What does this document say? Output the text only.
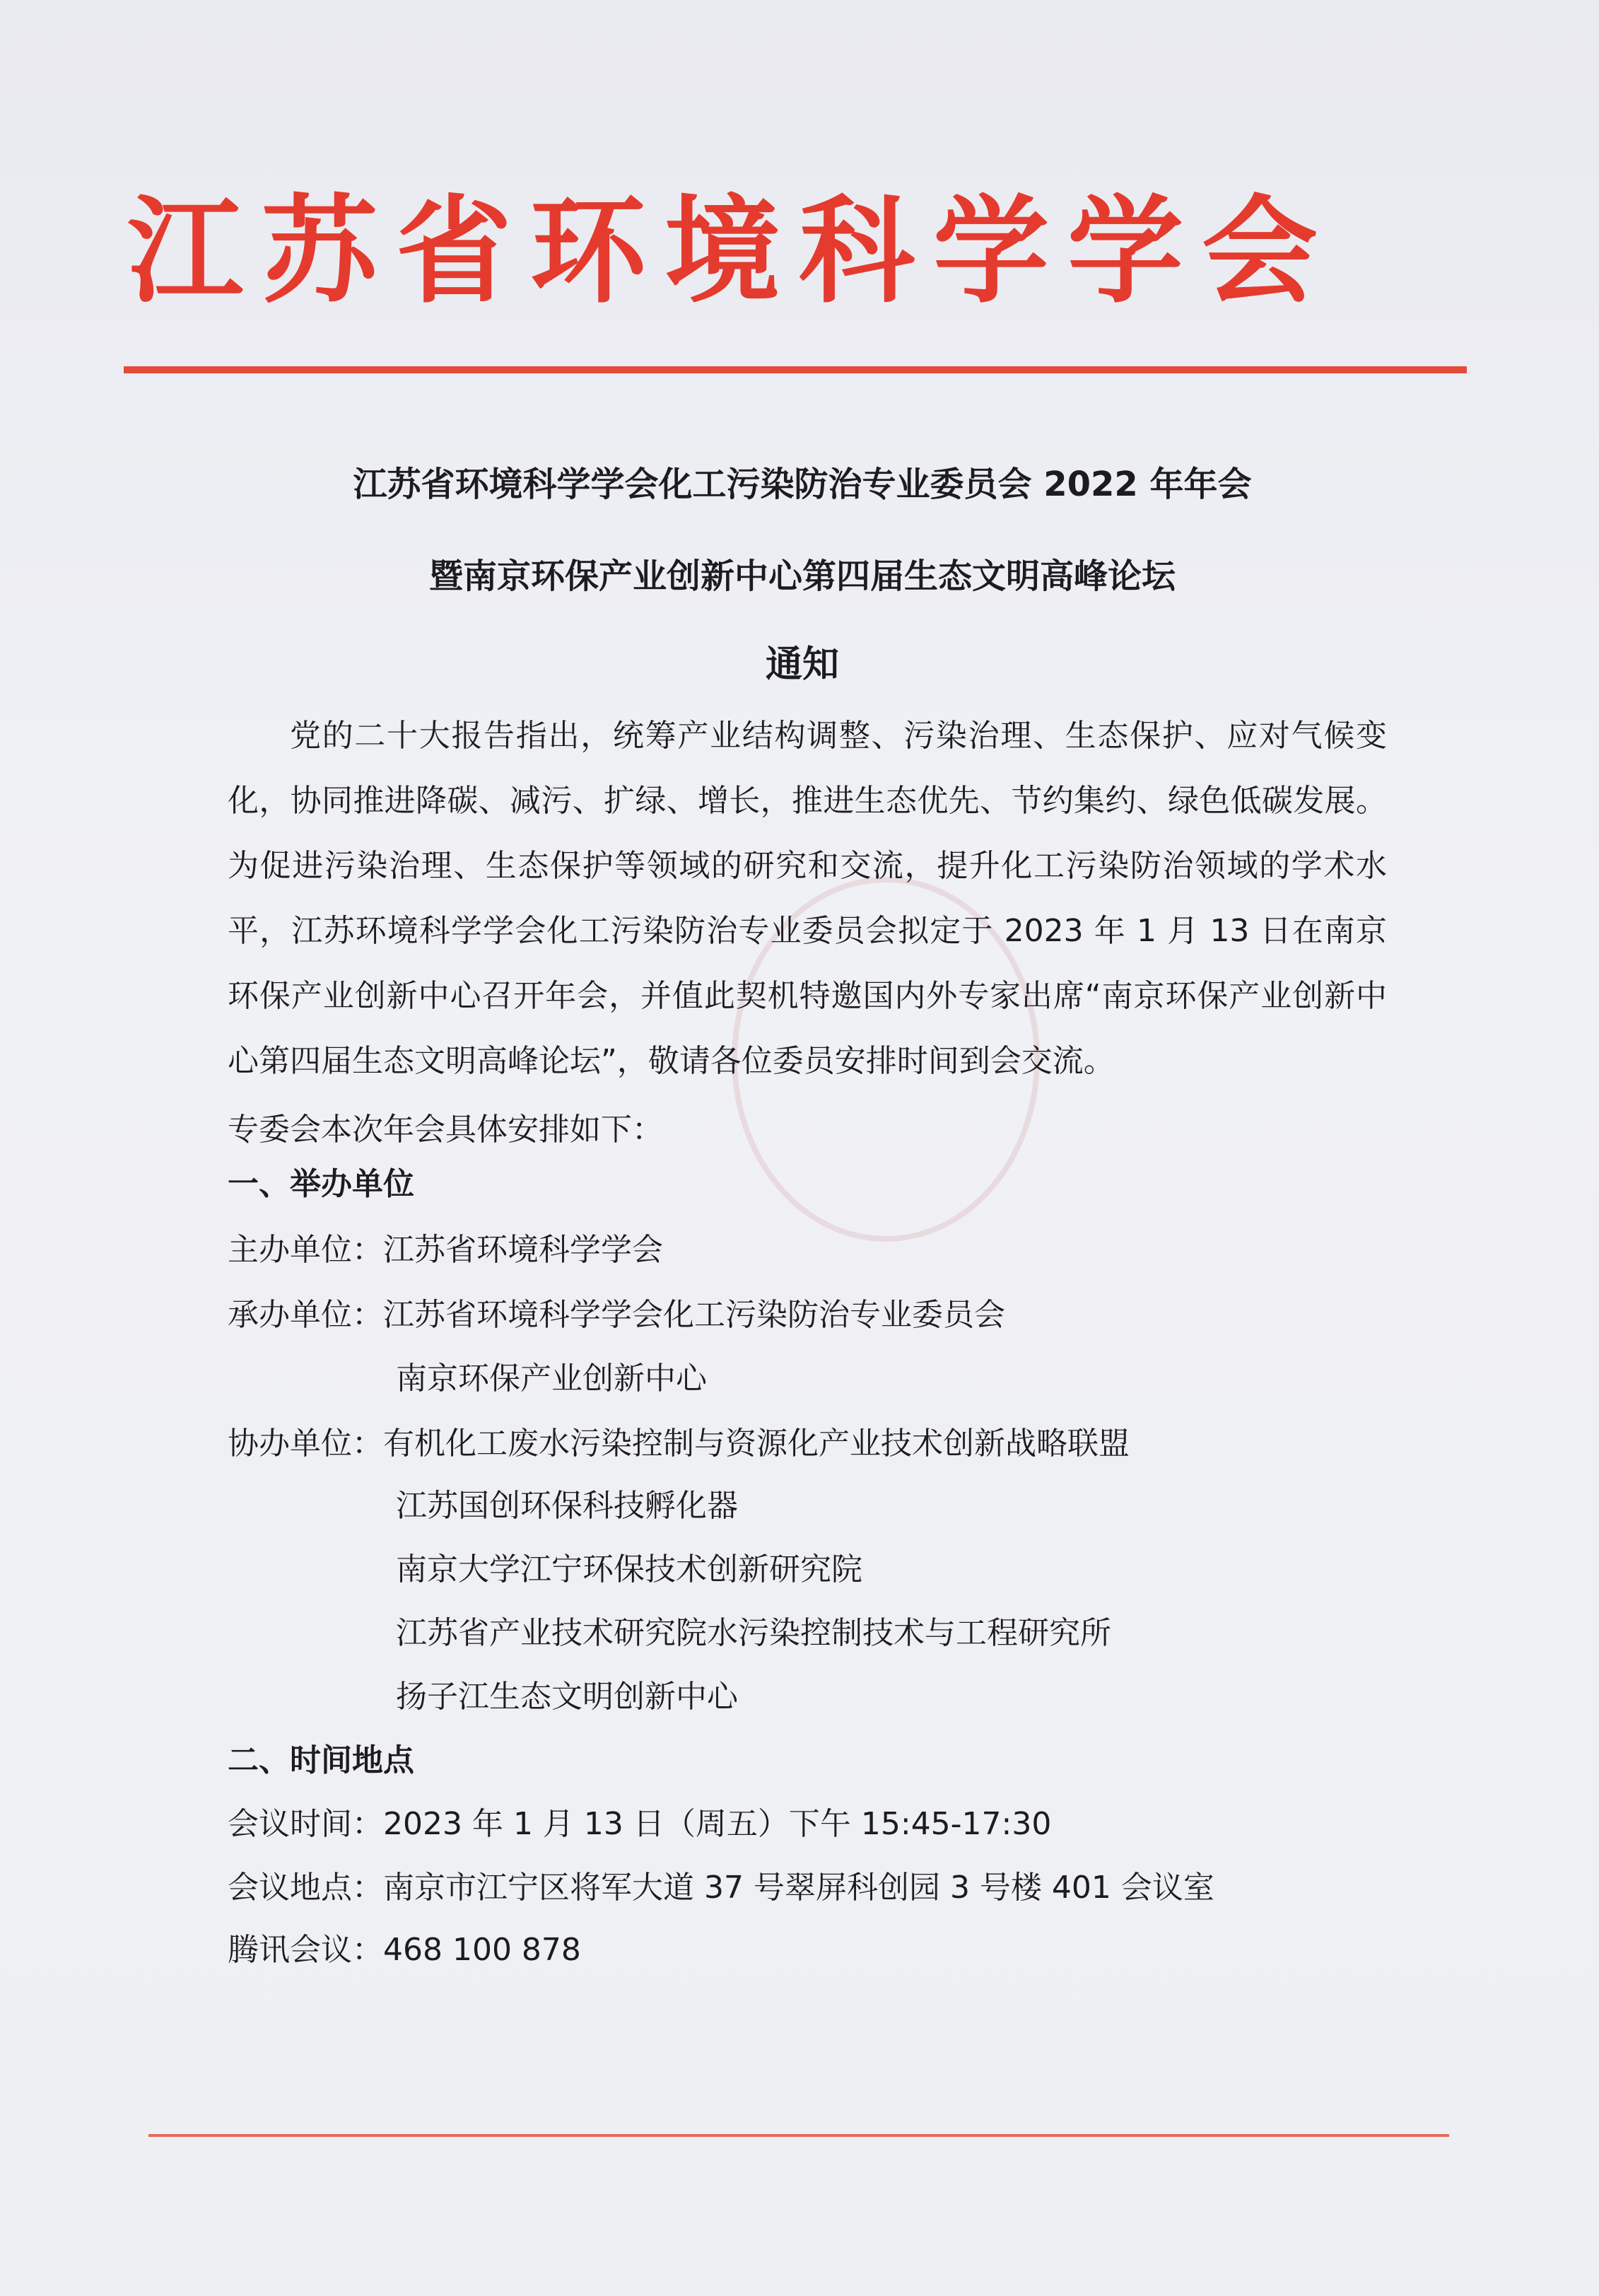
江苏省环境科学学会
江苏省环境科学学会化工污染防治专业委员会 2022 年年会
暨南京环保产业创新中心第四届生态文明高峰论坛
通知

党的二十大报告指出，统筹产业结构调整、污染治理、生态保护、应对气候变化，协同推进降碳、减污、扩绿、增长，推进生态优先、节约集约、绿色低碳发展。为促进污染治理、生态保护等领域的研究和交流，提升化工污染防治领域的学术水平，江苏环境科学学会化工污染防治专业委员会拟定于 2023 年 1 月 13 日在南京环保产业创新中心召开年会，并值此契机特邀国内外专家出席“南京环保产业创新中心第四届生态文明高峰论坛”，敬请各位委员安排时间到会交流。

专委会本次年会具体安排如下：
一、举办单位
主办单位：江苏省环境科学学会
承办单位：江苏省环境科学学会化工污染防治专业委员会
南京环保产业创新中心
协办单位：有机化工废水污染控制与资源化产业技术创新战略联盟
江苏国创环保科技孵化器
南京大学江宁环保技术创新研究院
江苏省产业技术研究院水污染控制技术与工程研究所
扬子江生态文明创新中心
二、时间地点
会议时间：2023 年 1 月 13 日（周五）下午 15:45-17:30
会议地点：南京市江宁区将军大道 37 号翠屏科创园 3 号楼 401 会议室
腾讯会议：468 100 878
